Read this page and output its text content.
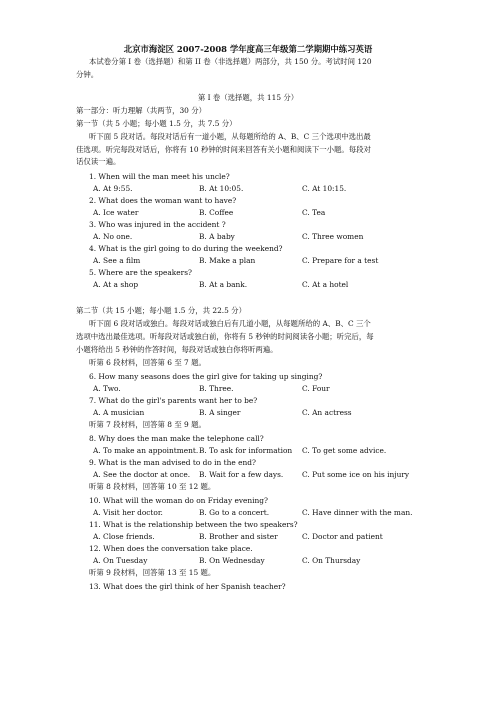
北京市海淀区 2007-2008 学年度高三年级第二学期期中练习英语
本试卷分第 I 卷（选择题）和第 II 卷（非选择题）两部分，共 150 分。考试时间 120
分钟。
第 I 卷（选择题，共 115 分）
第一部分：听力理解（共两节，30 分）
第一节（共 5 小题；每小题 1.5 分，共 7.5 分）
听下面 5 段对话。每段对话后有一道小题，从每题所给的 A、B、C 三个选项中选出最
佳选项。听完每段对话后，你将有 10 秒钟的时间来回答有关小题和阅读下一小题。每段对
话仅读一遍。
1. When will the man meet his uncle?
A. At 9:55.	B. At 10:05.	C. At 10:15.
2. What does the woman want to have?
A. Ice water	B. Coffee	C. Tea
3. Who was injured in the accident ?
A. No one.	B. A baby	C. Three women
4. What is the girl going to do during the weekend?
A. See a film	B. Make a plan	C. Prepare for a test
5. Where are the speakers?
A. At a shop	B. At a bank.	C. At a hotel
第二节（共 15 小题；每小题 1.5 分，共 22.5 分）
听下面 6 段对话或独白。每段对话或独白后有几道小题，从每题所给的 A、B、C 三个
选项中选出最佳选项。听每段对话或独白前，你将有 5 秒钟的时间阅读各小题；听完后，每
小题将给出 5 秒钟的作答时间，每段对话或独白你将听两遍。
听第 6 段材料，回答第 6 至 7 题。
6. How many seasons does the girl give for taking up singing?
A. Two.	B. Three.	C. Four
7. What do the girl's parents want her to be?
A. A musician	B. A singer	C. An actress
听第 7 段材料，回答第 8 至 9 题。
8. Why does the man make the telephone call?
A. To make an appointment. B. To ask for information C. To get some advice.
9. What is the man advised to do in the end?
A. See the doctor at once. B. Wait for a few days.	C. Put some ice on his injury
听第 8 段材料，回答第 10 至 12 题。
10. What will the woman do on Friday evening?
A. Visit her doctor.	B. Go to a concert.	C. Have dinner with the man.
11. What is the relationship between the two speakers?
A. Close friends.	B. Brother and sister	C. Doctor and patient
12. When does the conversation take place.
A. On Tuesday	B. On Wednesday	C. On Thursday
听第 9 段材料，回答第 13 至 15 题。
13. What does the girl think of her Spanish teacher?
